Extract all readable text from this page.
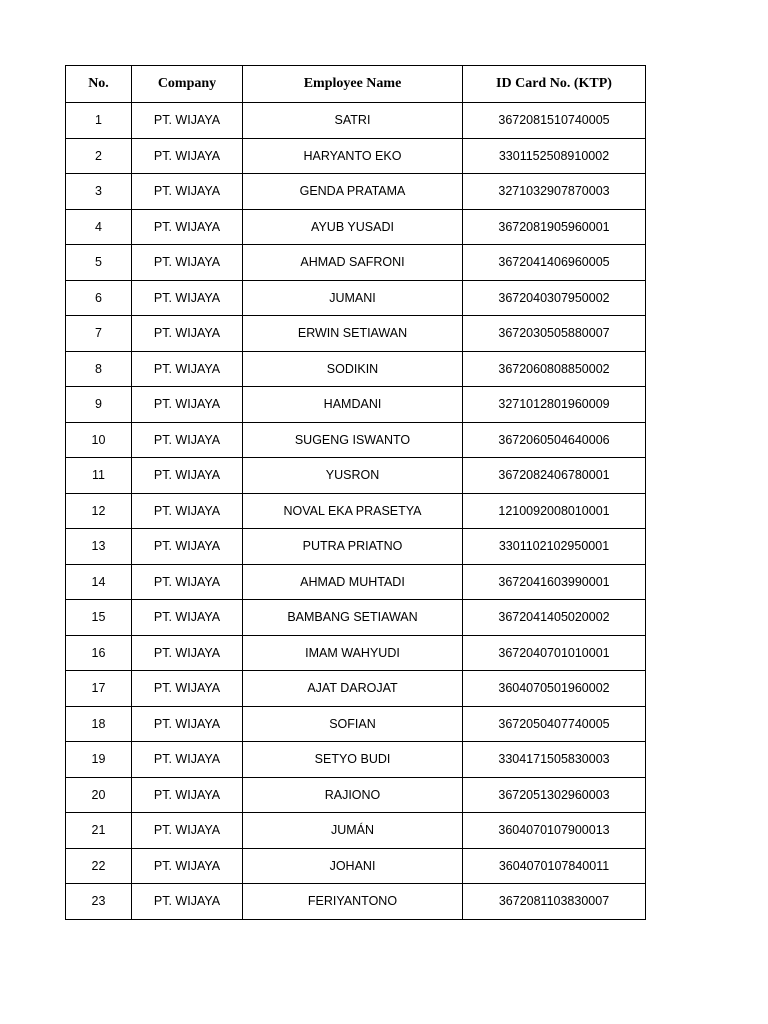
No.	Company	Employee Name	ID Card No. (KTP)
1	PT. WIJAYA	SATRI	3672081510740005
2	PT. WIJAYA	HARYANTO EKO	3301152508910002
3	PT. WIJAYA	GENDA PRATAMA	3271032907870003
4	PT. WIJAYA	AYUB YUSADI	3672081905960001
5	PT. WIJAYA	AHMAD SAFRONI	3672041406960005
6	PT. WIJAYA	JUMANI	3672040307950002
7	PT. WIJAYA	ERWIN SETIAWAN	3672030505880007
8	PT. WIJAYA	SODIKIN	3672060808850002
9	PT. WIJAYA	HAMDANI	3271012801960009
10	PT. WIJAYA	SUGENG ISWANTO	3672060504640006
11	PT. WIJAYA	YUSRON	3672082406780001
12	PT. WIJAYA	NOVAL EKA PRASETYA	1210092008010001
13	PT. WIJAYA	PUTRA PRIATNO	3301102102950001
14	PT. WIJAYA	AHMAD MUHTADI	3672041603990001
15	PT. WIJAYA	BAMBANG SETIAWAN	3672041405020002
16	PT. WIJAYA	IMAM WAHYUDI	3672040701010001
17	PT. WIJAYA	AJAT DAROJAT	3604070501960002
18	PT. WIJAYA	SOFIAN	3672050407740005
19	PT. WIJAYA	SETYO BUDI	3304171505830003
20	PT. WIJAYA	RAJIONO	3672051302960003
21	PT. WIJAYA	JUMÁN	3604070107900013
22	PT. WIJAYA	JOHANI	3604070107840011
23	PT. WIJAYA	FERIYANTONO	3672081103830007
